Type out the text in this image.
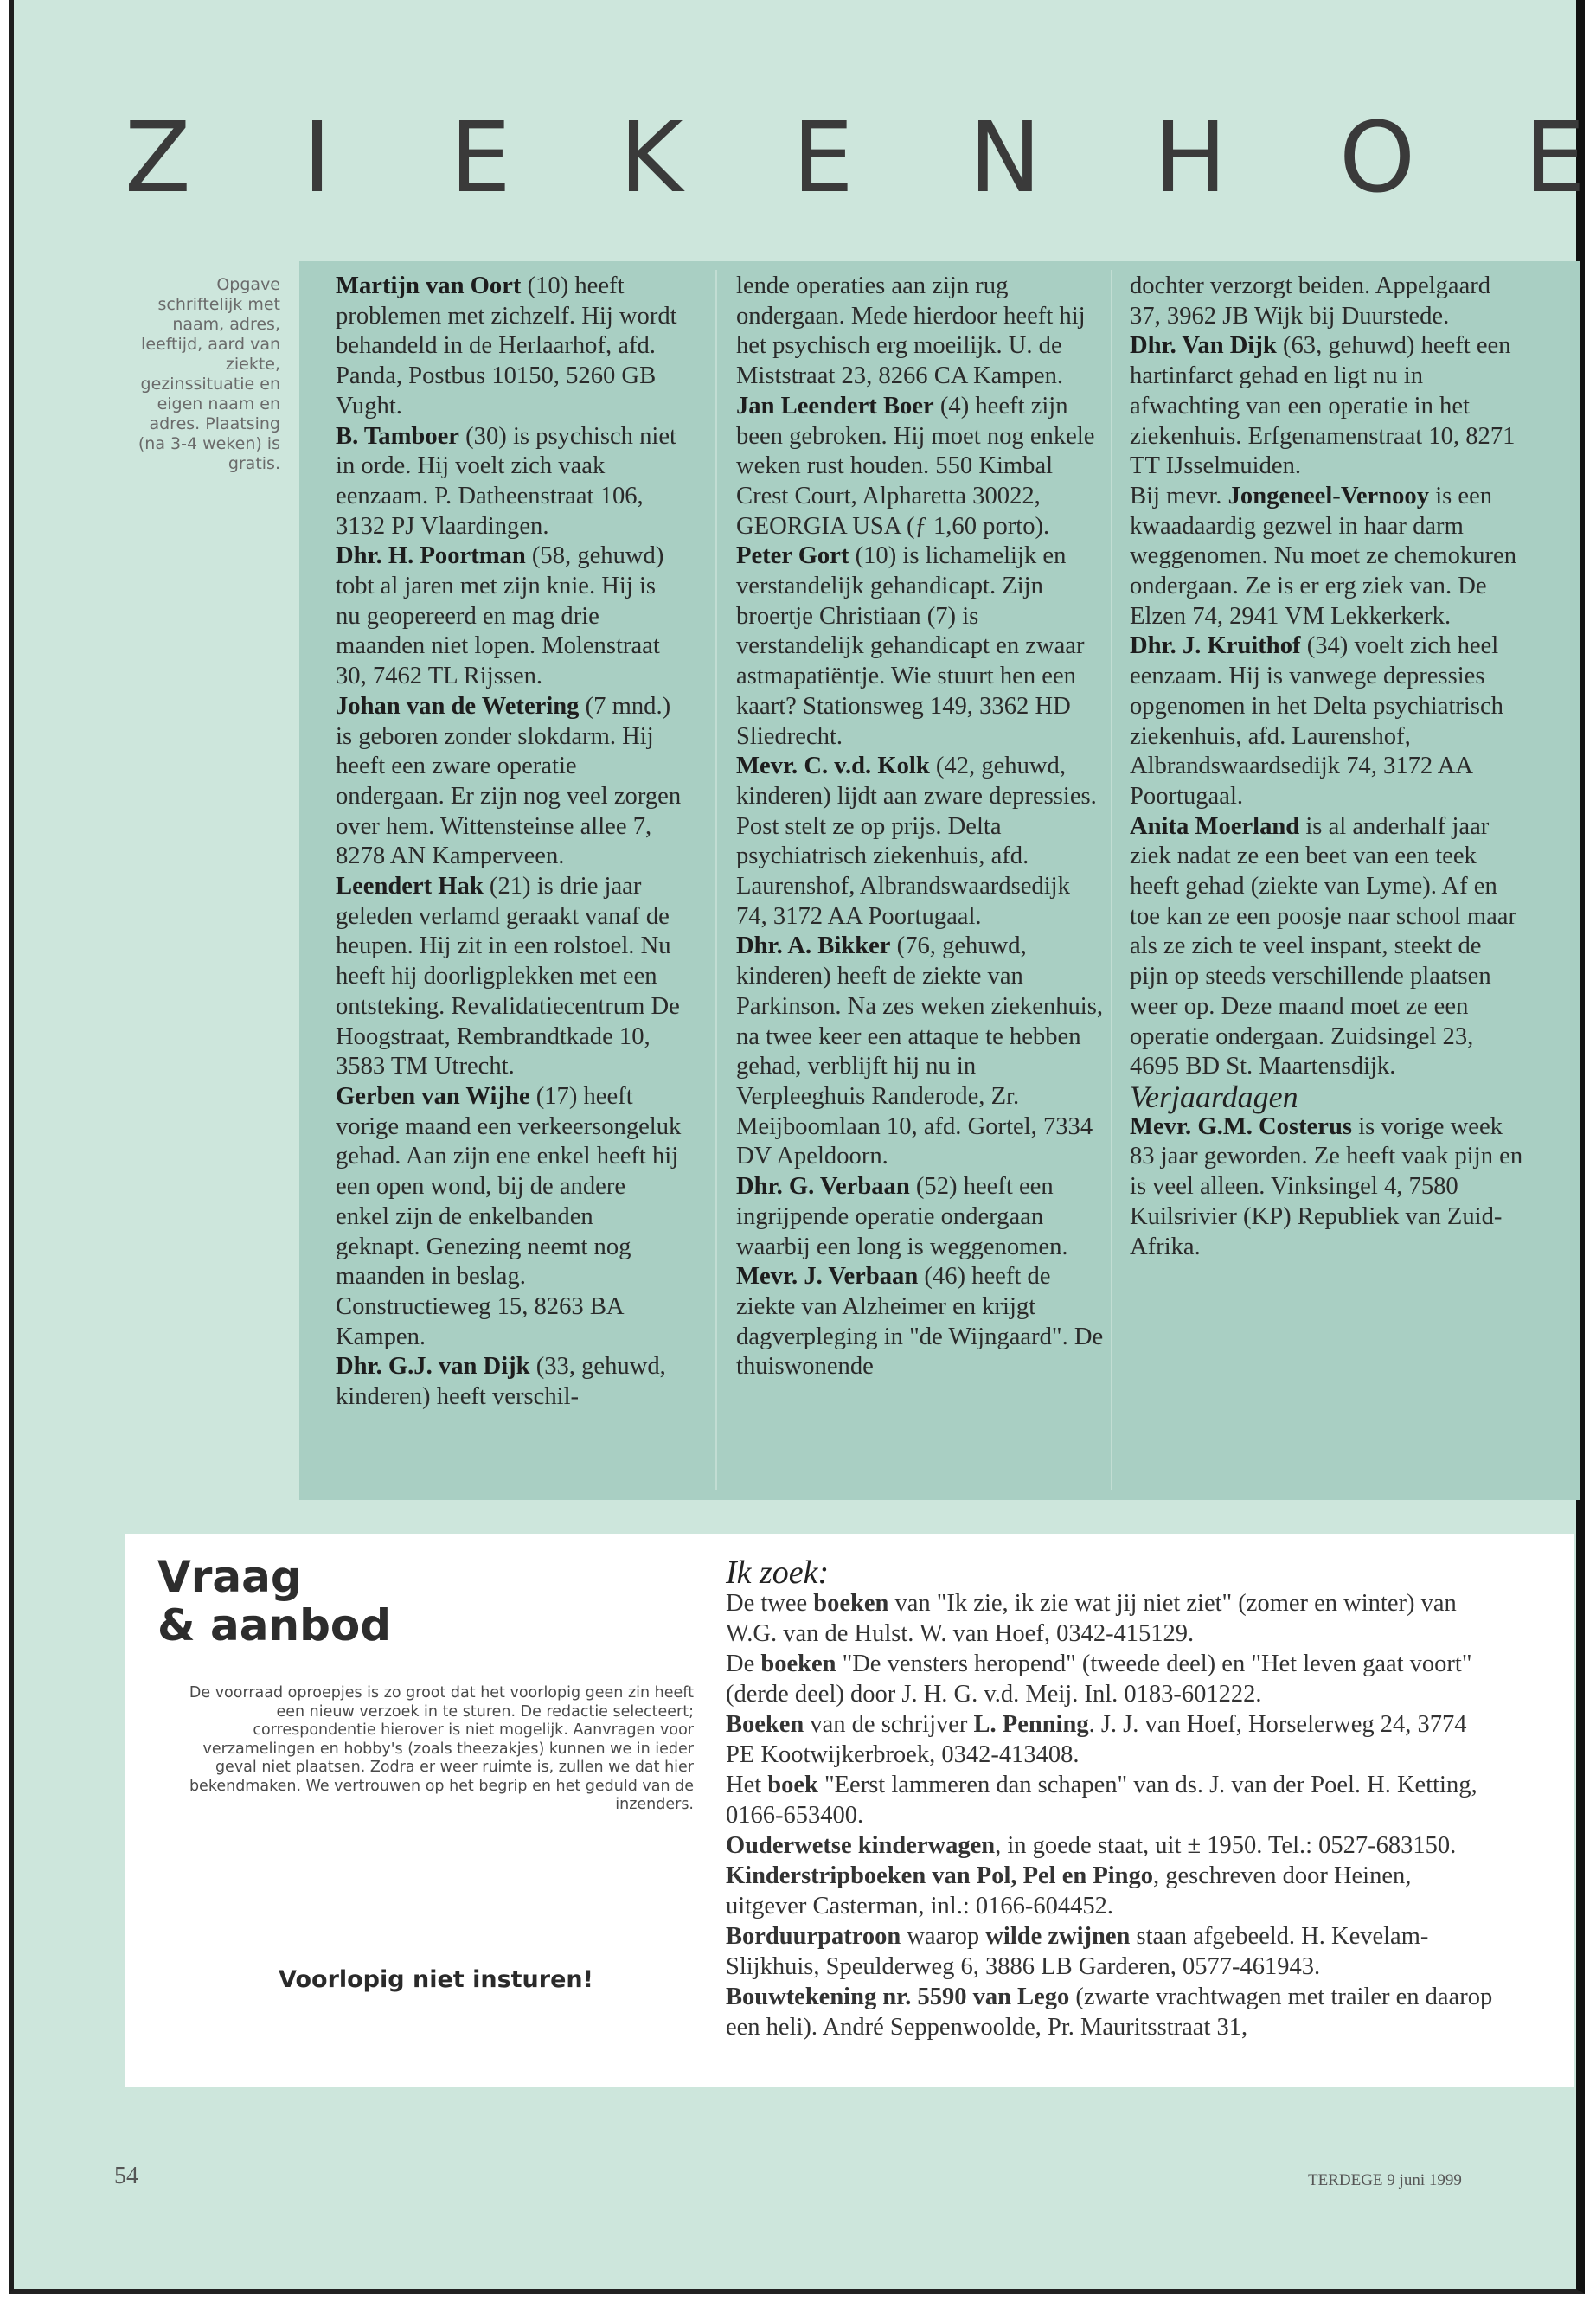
Z I E K E N H O E
Opgave schriftelijk met naam, adres, leeftijd, aard van ziekte, gezinssituatie en eigen naam en adres. Plaatsing (na 3-4 weken) is gratis.

Martijn van Oort (10) heeft problemen met zichzelf. Hij wordt behandeld in de Herlaarhof, afd. Panda, Postbus 10150, 5260 GB Vught.

B. Tamboer (30) is psychisch niet in orde. Hij voelt zich vaak eenzaam. P. Datheenstraat 106, 3132 PJ Vlaardingen.

Dhr. H. Poortman (58, gehuwd) tobt al jaren met zijn knie. Hij is nu geopereerd en mag drie maanden niet lopen. Molenstraat 30, 7462 TL Rijssen.

Johan van de Wetering (7 mnd.) is geboren zonder slokdarm. Hij heeft een zware operatie ondergaan. Er zijn nog veel zorgen over hem. Wittensteinse allee 7, 8278 AN Kamperveen.

Leendert Hak (21) is drie jaar geleden verlamd geraakt vanaf de heupen. Hij zit in een rolstoel. Nu heeft hij doorligplekken met een ontsteking. Revalidatiecentrum De Hoogstraat, Rembrandtkade 10, 3583 TM Utrecht.

Gerben van Wijhe (17) heeft vorige maand een verkeersongeluk gehad. Aan zijn ene enkel heeft hij een open wond, bij de andere enkel zijn de enkelbanden geknapt. Genezing neemt nog maanden in beslag. Constructieweg 15, 8263 BA Kampen.

Dhr. G.J. van Dijk (33, gehuwd, kinderen) heeft verschil-

lende operaties aan zijn rug ondergaan. Mede hierdoor heeft hij het psychisch erg moeilijk. U. de Miststraat 23, 8266 CA Kampen.

Jan Leendert Boer (4) heeft zijn been gebroken. Hij moet nog enkele weken rust houden. 550 Kimbal Crest Court, Alpharetta 30022, GEORGIA USA (ƒ 1,60 porto).

Peter Gort (10) is lichamelijk en verstandelijk gehandicapt. Zijn broertje Christiaan (7) is verstandelijk gehandicapt en zwaar astmapatiëntje. Wie stuurt hen een kaart? Stationsweg 149, 3362 HD Sliedrecht.

Mevr. C. v.d. Kolk (42, gehuwd, kinderen) lijdt aan zware depressies. Post stelt ze op prijs. Delta psychiatrisch ziekenhuis, afd. Laurenshof, Albrandswaardsedijk 74, 3172 AA Poortugaal.

Dhr. A. Bikker (76, gehuwd, kinderen) heeft de ziekte van Parkinson. Na zes weken ziekenhuis, na twee keer een attaque te hebben gehad, verblijft hij nu in Verpleeghuis Randerode, Zr. Meijboomlaan 10, afd. Gortel, 7334 DV Apeldoorn.

Dhr. G. Verbaan (52) heeft een ingrijpende operatie ondergaan waarbij een long is weggenomen. Mevr. J. Verbaan (46) heeft de ziekte van Alzheimer en krijgt dagverpleging in "de Wijngaard". De thuiswonende

dochter verzorgt beiden. Appelgaard 37, 3962 JB Wijk bij Duurstede.

Dhr. Van Dijk (63, gehuwd) heeft een hartinfarct gehad en ligt nu in afwachting van een operatie in het ziekenhuis. Erfgenamenstraat 10, 8271 TT IJsselmuiden.

Bij mevr. Jongeneel-Vernooy is een kwaadaardig gezwel in haar darm weggenomen. Nu moet ze chemokuren ondergaan. Ze is er erg ziek van. De Elzen 74, 2941 VM Lekkerkerk.

Dhr. J. Kruithof (34) voelt zich heel eenzaam. Hij is vanwege depressies opgenomen in het Delta psychiatrisch ziekenhuis, afd. Laurenshof, Albrandswaardsedijk 74, 3172 AA Poortugaal.

Anita Moerland is al anderhalf jaar ziek nadat ze een beet van een teek heeft gehad (ziekte van Lyme). Af en toe kan ze een poosje naar school maar als ze zich te veel inspant, steekt de pijn op steeds verschillende plaatsen weer op. Deze maand moet ze een operatie ondergaan. Zuidsingel 23, 4695 BD St. Maartensdijk.

Verjaardagen

Mevr. G.M. Costerus is vorige week 83 jaar geworden. Ze heeft vaak pijn en is veel alleen. Vinksingel 4, 7580 Kuilsrivier (KP) Republiek van Zuid-Afrika.

Vraag
& aanbod
De voorraad oproepjes is zo groot dat het voorlopig geen zin heeft een nieuw verzoek in te sturen. De redactie selecteert; correspondentie hierover is niet mogelijk. Aanvragen voor verzamelingen en hobby's (zoals theezakjes) kunnen we in ieder geval niet plaatsen. Zodra er weer ruimte is, zullen we dat hier bekendmaken. We vertrouwen op het begrip en het geduld van de inzenders.
Voorlopig niet insturen!

Ik zoek:

De twee boeken van "Ik zie, ik zie wat jij niet ziet" (zomer en winter) van W.G. van de Hulst. W. van Hoef, 0342-415129.

De boeken "De vensters heropend" (tweede deel) en "Het leven gaat voort" (derde deel) door J. H. G. v.d. Meij. Inl. 0183-601222.

Boeken van de schrijver L. Penning. J. J. van Hoef, Horselerweg 24, 3774 PE Kootwijkerbroek, 0342-413408.

Het boek "Eerst lammeren dan schapen" van ds. J. van der Poel. H. Ketting, 0166-653400.

Ouderwetse kinderwagen, in goede staat, uit ± 1950. Tel.: 0527-683150.

Kinderstripboeken van Pol, Pel en Pingo, geschreven door Heinen, uitgever Casterman, inl.: 0166-604452.

Borduurpatroon waarop wilde zwijnen staan afgebeeld. H. Kevelam-Slijkhuis, Speulderweg 6, 3886 LB Garderen, 0577-461943.

Bouwtekening nr. 5590 van Lego (zwarte vrachtwagen met trailer en daarop een heli). André Seppenwoolde, Pr. Mauritsstraat 31,

54	TERDEGE 9 juni 1999
